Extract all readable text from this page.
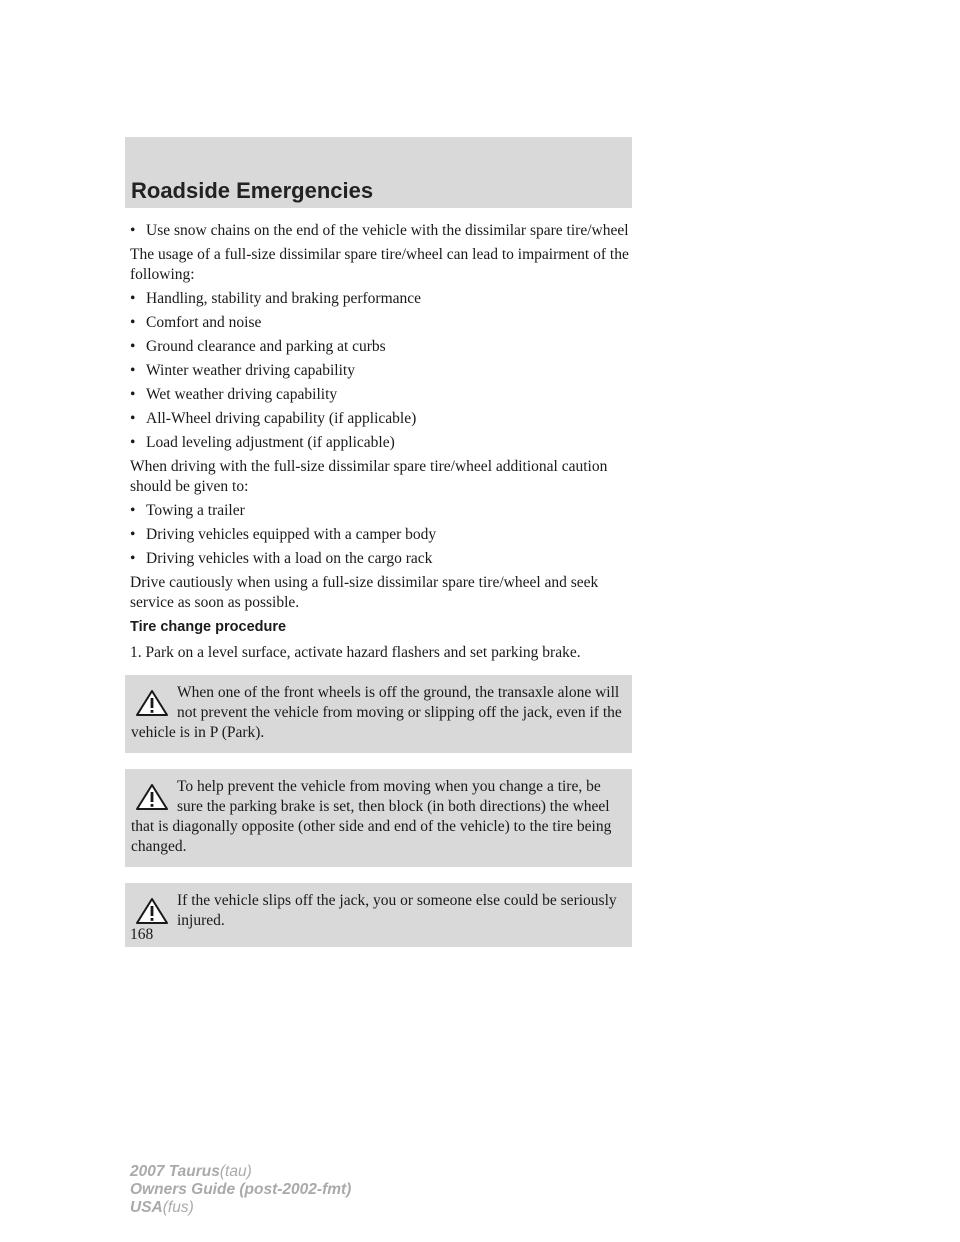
Roadside Emergencies
• Use snow chains on the end of the vehicle with the dissimilar spare tire/wheel

The usage of a full-size dissimilar spare tire/wheel can lead to impairment of the following:

• Handling, stability and braking performance
• Comfort and noise
• Ground clearance and parking at curbs
• Winter weather driving capability
• Wet weather driving capability
• All-Wheel driving capability (if applicable)
• Load leveling adjustment (if applicable)

When driving with the full-size dissimilar spare tire/wheel additional caution should be given to:

• Towing a trailer
• Driving vehicles equipped with a camper body
• Driving vehicles with a load on the cargo rack

Drive cautiously when using a full-size dissimilar spare tire/wheel and seek service as soon as possible.

Tire change procedure

1. Park on a level surface, activate hazard flashers and set parking brake.

When one of the front wheels is off the ground, the transaxle alone will not prevent the vehicle from moving or slipping off the jack, even if the vehicle is in P (Park).

To help prevent the vehicle from moving when you change a tire, be sure the parking brake is set, then block (in both directions) the wheel that is diagonally opposite (other side and end of the vehicle) to the tire being changed.

If the vehicle slips off the jack, you or someone else could be seriously injured.

168
2007 Taurus(tau)
Owners Guide (post-2002-fmt)
USA(fus)
